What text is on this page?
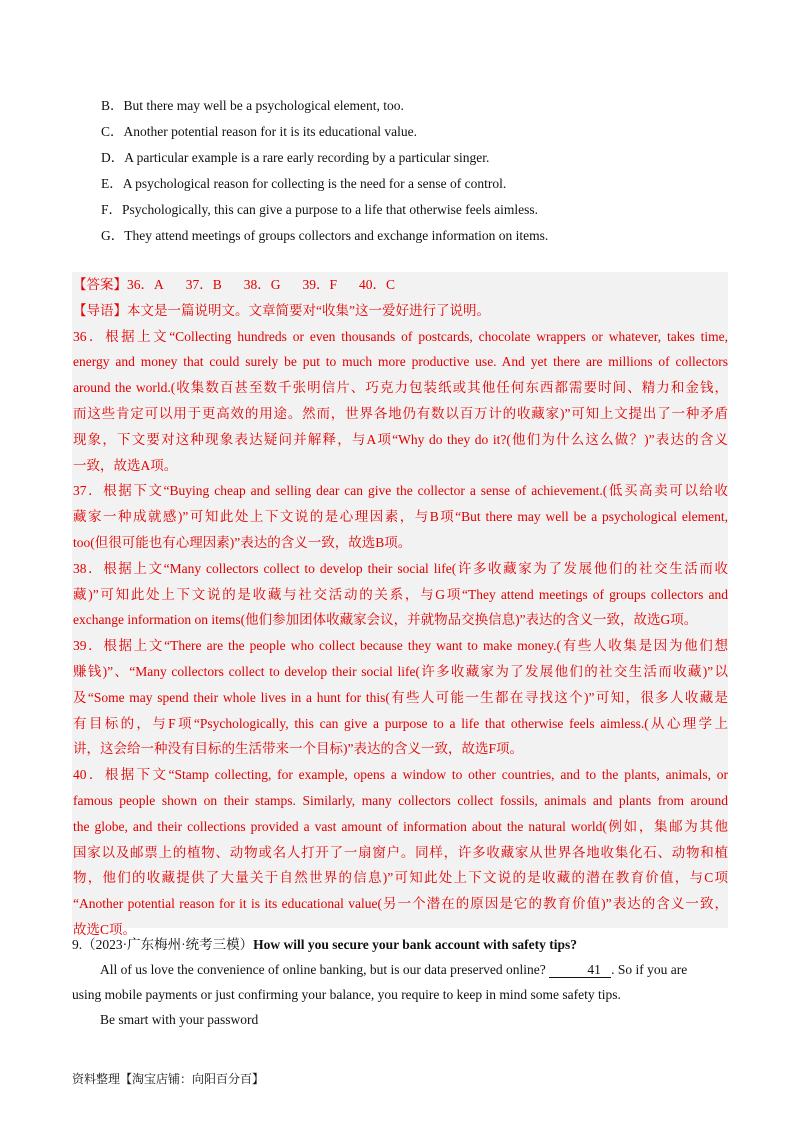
B．But there may well be a psychological element, too.
C．Another potential reason for it is its educational value.
D．A particular example is a rare early recording by a particular singer.
E．A psychological reason for collecting is the need for a sense of control.
F．Psychologically, this can give a purpose to a life that otherwise feels aimless.
G．They attend meetings of groups collectors and exchange information on items.
【答案】36．A 37．B 38．G 39．F 40．C
【导语】本文是一篇说明文。文章简要对“收集”这一爱好进行了说明。
36．根据上文“Collecting hundreds or even thousands of postcards, chocolate wrappers or whatever, takes time,
energy and money that could surely be put to much more productive use. And yet there are millions of collectors
around the world.(收集数百甚至数千张明信片、巧克力包装纸或其他任何东西都需要时间、精力和金钱，
而这些肯定可以用于更高效的用途。然而，世界各地仍有数以百万计的收藏家)”可知上文提出了一种矛盾
现象，下文要对这种现象表达疑问并解释，与A项“Why do they do it?(他们为什么这么做？)”表达的含义
一致，故选A项。
37．根据下文“Buying cheap and selling dear can give the collector a sense of achievement.(低买高卖可以给收
藏家一种成就感)”可知此处上下文说的是心理因素，与B项“But there may well be a psychological element,
too(但很可能也有心理因素)”表达的含义一致，故选B项。
38．根据上文“Many collectors collect to develop their social life(许多收藏家为了发展他们的社交生活而收
藏)”可知此处上下文说的是收藏与社交活动的关系，与G项“They attend meetings of groups collectors and
exchange information on items(他们参加团体收藏家会议，并就物品交换信息)”表达的含义一致，故选G项。
39．根据上文“There are the people who collect because they want to make money.(有些人收集是因为他们想
赚钱)”、“Many collectors collect to develop their social life(许多收藏家为了发展他们的社交生活而收藏)”以
及“Some may spend their whole lives in a hunt for this(有些人可能一生都在寻找这个)”可知，很多人收藏是
有目标的，与F项“Psychologically, this can give a purpose to a life that otherwise feels aimless.(从心理学上
讲，这会给一种没有目标的生活带来一个目标)”表达的含义一致，故选F项。
40．根据下文“Stamp collecting, for example, opens a window to other countries, and to the plants, animals, or
famous people shown on their stamps. Similarly, many collectors collect fossils, animals and plants from around
the globe, and their collections provided a vast amount of information about the natural world(例如，集邮为其他
国家以及邮票上的植物、动物或名人打开了一扇窗户。同样，许多收藏家从世界各地收集化石、动物和植
物，他们的收藏提供了大量关于自然世界的信息)”可知此处上下文说的是收藏的潜在教育价值，与C项
“Another potential reason for it is its educational value(另一个潜在的原因是它的教育价值)”表达的含义一致，
故选C项。
9.（2023·广东梅州·统考三模）How will you secure your bank account with safety tips?
All of us love the convenience of online banking, but is our data preserved online?	41 . So if you are
using mobile payments or just confirming your balance, you require to keep in mind some safety tips.
Be smart with your password
资料整理【淘宝店铺：向阳百分百】
